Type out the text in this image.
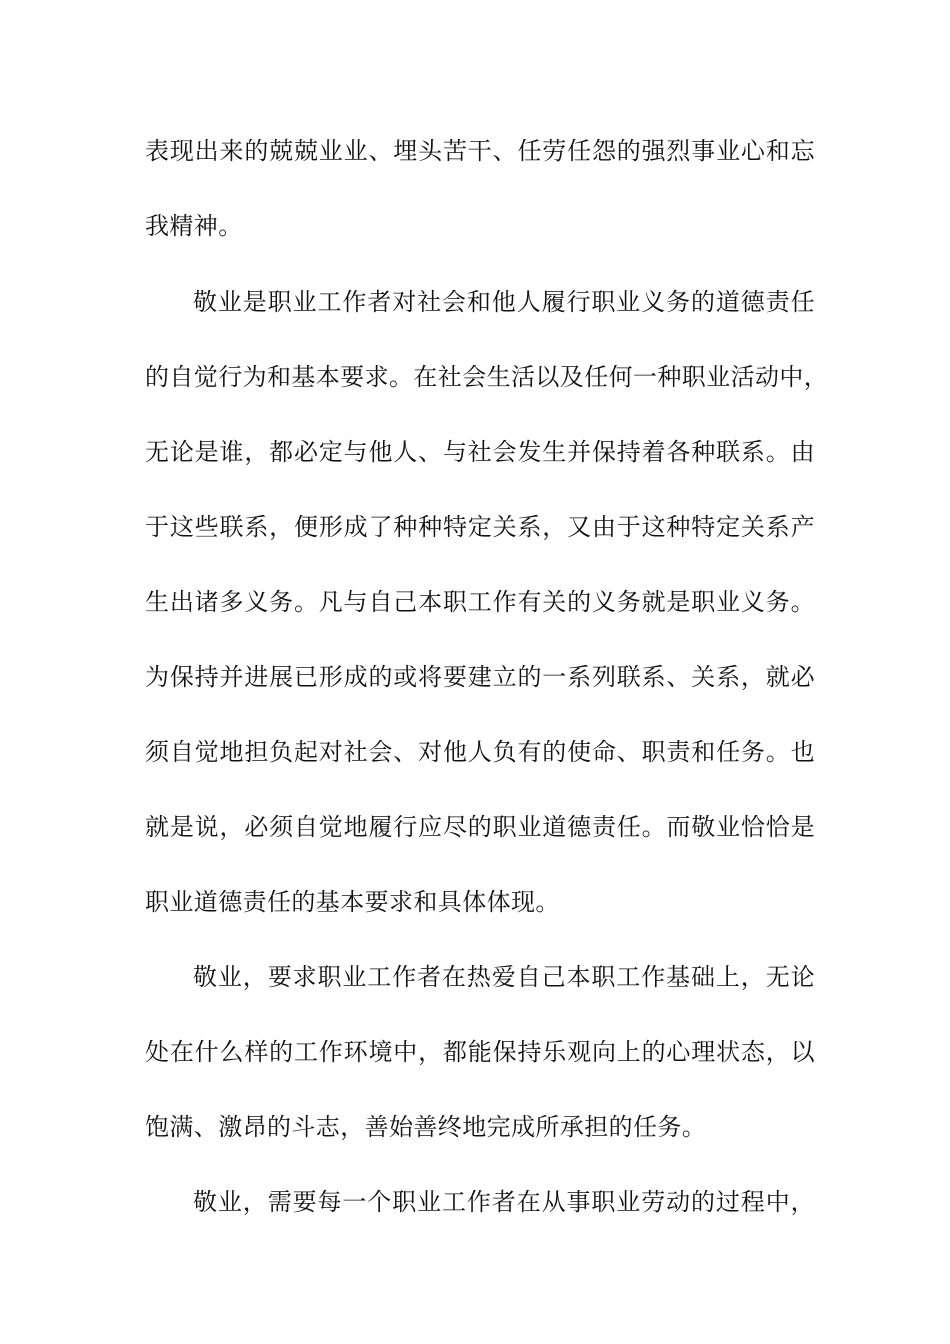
表现出来的兢兢业业、埋头苦干、任劳任怨的强烈事业心和忘
我精神。
敬业是职业工作者对社会和他人履行职业义务的道德责任
的自觉行为和基本要求。在社会生活以及任何一种职业活动中，
无论是谁，都必定与他人、与社会发生并保持着各种联系。由
于这些联系，便形成了种种特定关系，又由于这种特定关系产
生出诸多义务。凡与自己本职工作有关的义务就是职业义务。
为保持并进展已形成的或将要建立的一系列联系、关系，就必
须自觉地担负起对社会、对他人负有的使命、职责和任务。也
就是说，必须自觉地履行应尽的职业道德责任。而敬业恰恰是
职业道德责任的基本要求和具体体现。
敬业，要求职业工作者在热爱自己本职工作基础上，无论
处在什么样的工作环境中，都能保持乐观向上的心理状态，以
饱满、激昂的斗志，善始善终地完成所承担的任务。
敬业，需要每一个职业工作者在从事职业劳动的过程中，
